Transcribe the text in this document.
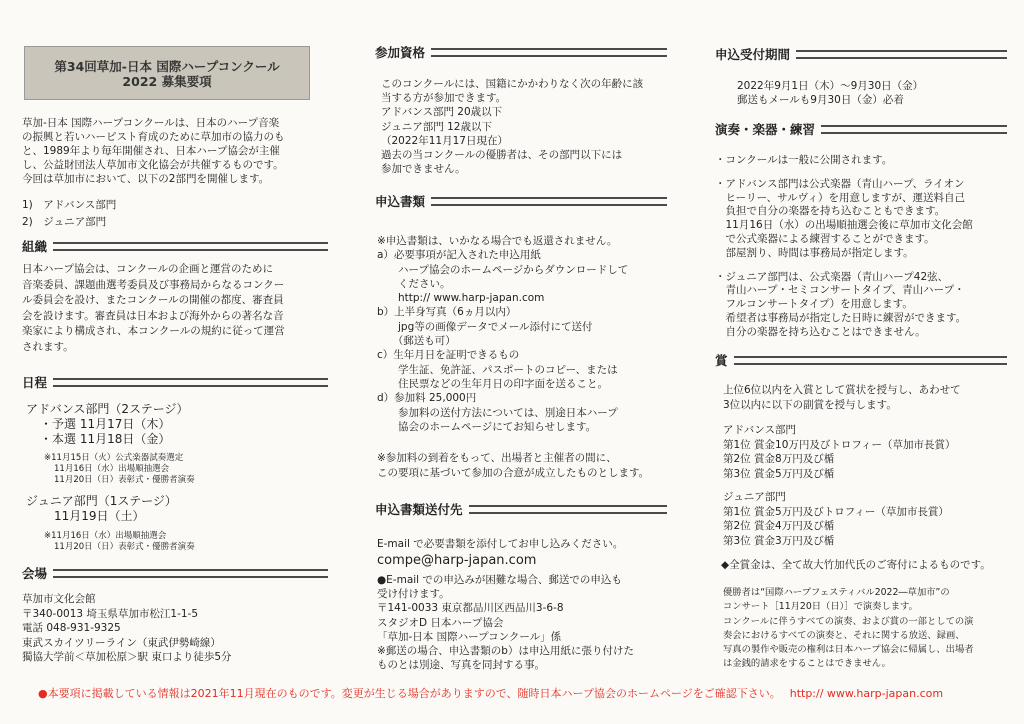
第34回草加-日本 国際ハープコンクール
2022 募集要項
草加-日本 国際ハープコンクールは、日本のハープ音楽
の振興と若いハーピスト育成のために草加市の協力のも
と、1989年より毎年開催され、日本ハープ協会が主催
し、公益財団法人草加市文化協会が共催するものです。
今回は草加市において、以下の2部門を開催します。
1)　アドバンス部門
2)　ジュニア部門
組織
日本ハープ協会は、コンクールの企画と運営のために
音楽委員、課題曲選考委員及び事務局からなるコンクー
ル委員会を設け、またコンクールの開催の都度、審査員
会を設けます。審査員は日本および海外からの著名な音
楽家により構成され、本コンクールの規約に従って運営
されます。
日程
アドバンス部門（2ステージ）
・予選 11月17日（木）
・本選 11月18日（金）
※11月15日（火）公式楽器試奏選定
11月16日（水）出場順抽選会
11月20日（日）表彰式・優勝者演奏
ジュニア部門（1ステージ）
11月19日（土）
※11月16日（水）出場順抽選会
11月20日（日）表彰式・優勝者演奏
会場
草加市文化会館
〒340-0013 埼玉県草加市松江1-1-5
電話 048-931-9325
東武スカイツリーライン（東武伊勢崎線）
獨協大学前＜草加松原＞駅 東口より徒歩5分
参加資格
このコンクールには、国籍にかかわりなく次の年齢に該
当する方が参加できます。
アドバンス部門 20歳以下
ジュニア部門 12歳以下
（2022年11月17日現在）
過去の当コンクールの優勝者は、その部門以下には
参加できません。
申込書類
※申込書類は、いかなる場合でも返還されません。
a）必要事項が記入された申込用紙
　　ハープ協会のホームページからダウンロードして
　　ください。
　　http:// www.harp-japan.com
b）上半身写真（6ヵ月以内）
　　jpg等の画像データでメール添付にて送付
　　（郵送も可）
c）生年月日を証明できるもの
　　学生証、免許証、パスポートのコピー、または
　　住民票などの生年月日の印字面を送ること。
d）参加料 25,000円
　　参加料の送付方法については、別途日本ハープ
　　協会のホームページにてお知らせします。
※参加料の到着をもって、出場者と主催者の間に、
この要項に基づいて参加の合意が成立したものとします。
申込書類送付先
E-mail で必要書類を添付してお申し込みください。
compe@harp-japan.com
●E-mail での申込みが困難な場合、郵送での申込も
受け付けます。
〒141-0033 東京都品川区西品川3-6-8
スタジオD 日本ハープ協会
「草加-日本 国際ハープコンクール」係
※郵送の場合、申込書類のb）は申込用紙に張り付けた
ものとは別途、写真を同封する事。
申込受付期間
2022年9月1日（木）～9月30日（金）
郵送もメールも9月30日（金）必着
演奏・楽器・練習
・コンクールは一般に公開されます。
・アドバンス部門は公式楽器（青山ハープ、ライオン
　ヒーリー、サルヴィ）を用意しますが、運送料自己
　負担で自分の楽器を持ち込むこともできます。
　11月16日（水）の出場順抽選会後に草加市文化会館
　で公式楽器による練習することができます。
　部屋割り、時間は事務局が指定します。
・ジュニア部門は、公式楽器（青山ハープ42弦、
　青山ハープ・セミコンサートタイプ、青山ハープ・
　フルコンサートタイプ）を用意します。
　希望者は事務局が指定した日時に練習ができます。
　自分の楽器を持ち込むことはできません。
賞
上位6位以内を入賞として賞状を授与し、あわせて
3位以内に以下の副賞を授与します。
アドバンス部門
第1位 賞金10万円及びトロフィー（草加市長賞）
第2位 賞金8万円及び楯
第3位 賞金5万円及び楯
ジュニア部門
第1位 賞金5万円及びトロフィー（草加市長賞）
第2位 賞金4万円及び楯
第3位 賞金3万円及び楯
◆全賞金は、全て故大竹加代氏のご寄付によるものです。
優勝者は“国際ハープフェスティバル2022―草加市”の
コンサート［11月20日（日）］で演奏します。
コンクールに伴うすべての演奏、および賞の一部としての演
奏会におけるすべての演奏と、それに関する放送、録画、
写真の製作や販売の権利は日本ハープ協会に帰属し、出場者
は金銭的請求をすることはできません。
●本要項に掲載している情報は2021年11月現在のものです。変更が生じる場合がありますので、随時日本ハープ協会のホームページをご確認下さい。　 http:// www.harp-japan.com
